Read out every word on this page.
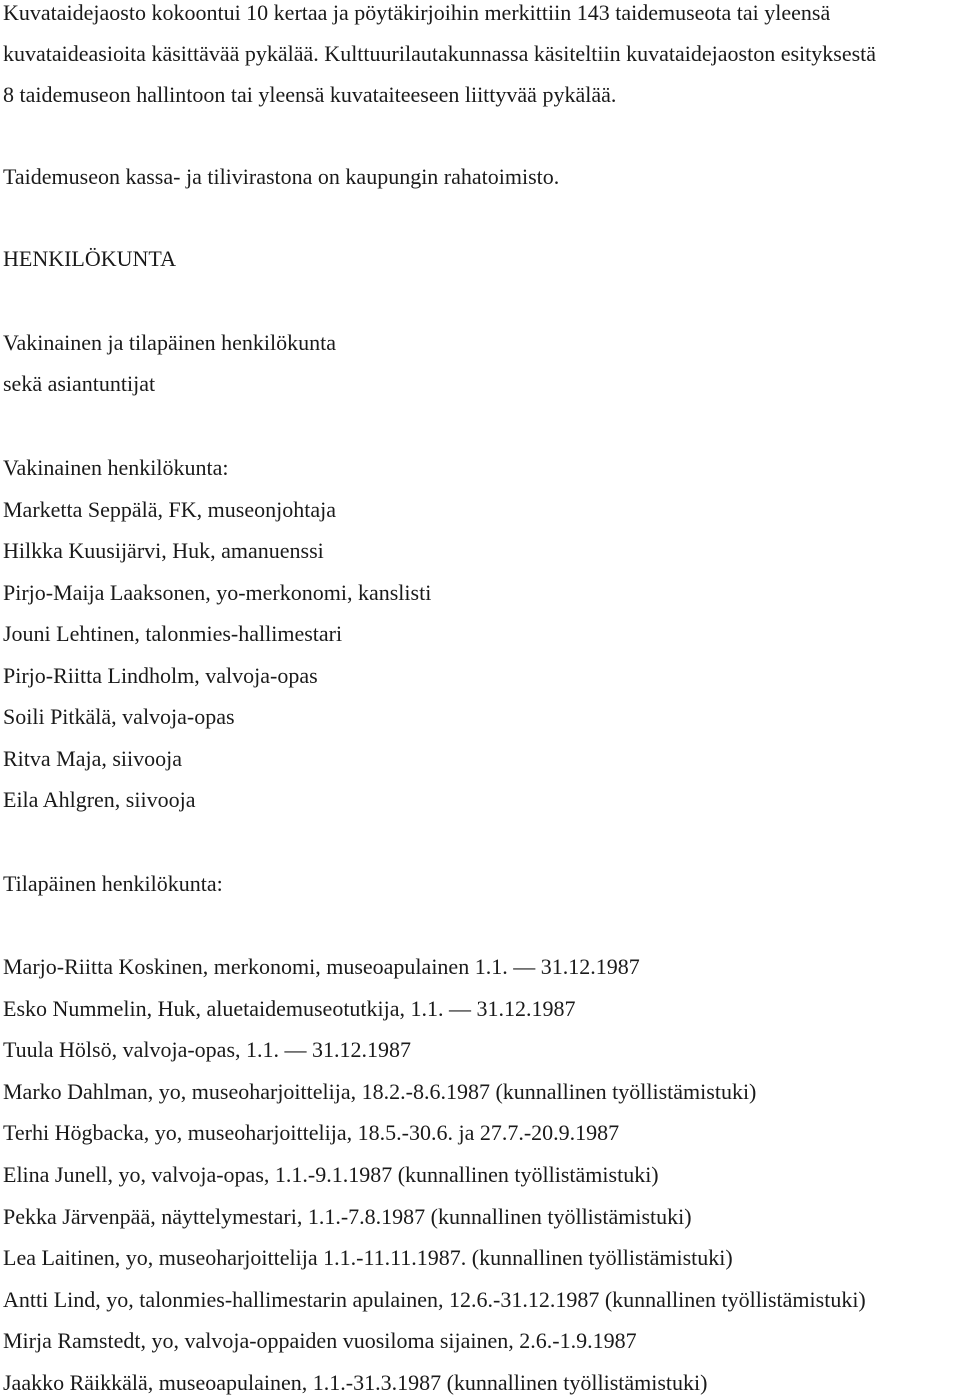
Kuvataidejaosto kokoontui 10 kertaa ja pöytäkirjoihin merkittiin 143 taidemuseota tai yleensä
kuvataideasioita käsittävää pykälää. Kulttuurilautakunnassa käsiteltiin kuvataidejaoston esityksestä
8 taidemuseon hallintoon tai yleensä kuvataiteeseen liittyvää pykälää.
Taidemuseon kassa- ja tilivirastona on kaupungin rahatoimisto.
HENKILÖKUNTA
Vakinainen ja tilapäinen henkilökunta
sekä asiantuntijat
Vakinainen henkilökunta:
Marketta Seppälä, FK, museonjohtaja
Hilkka Kuusijärvi, Huk, amanuenssi
Pirjo-Maija Laaksonen, yo-merkonomi, kanslisti
Jouni Lehtinen, talonmies-hallimestari
Pirjo-Riitta Lindholm, valvoja-opas
Soili Pitkälä, valvoja-opas
Ritva Maja, siivooja
Eila Ahlgren, siivooja
Tilapäinen henkilökunta:
Marjo-Riitta Koskinen, merkonomi, museoapulainen 1.1. — 31.12.1987
Esko Nummelin, Huk, aluetaidemuseotutkija, 1.1. — 31.12.1987
Tuula Hölsö, valvoja-opas, 1.1. — 31.12.1987
Marko Dahlman, yo, museoharjoittelija, 18.2.-8.6.1987 (kunnallinen työllistämistuki)
Terhi Högbacka, yo, museoharjoittelija, 18.5.-30.6. ja 27.7.-20.9.1987
Elina Junell, yo, valvoja-opas, 1.1.-9.1.1987 (kunnallinen työllistämistuki)
Pekka Järvenpää, näyttelymestari, 1.1.-7.8.1987 (kunnallinen työllistämistuki)
Lea Laitinen, yo, museoharjoittelija 1.1.-11.11.1987. (kunnallinen työllistämistuki)
Antti Lind, yo, talonmies-hallimestarin apulainen, 12.6.-31.12.1987 (kunnallinen työllistämistuki)
Mirja Ramstedt, yo, valvoja-oppaiden vuosiloma sijainen, 2.6.-1.9.1987
Jaakko Räikkälä, museoapulainen, 1.1.-31.3.1987 (kunnallinen työllistämistuki)
